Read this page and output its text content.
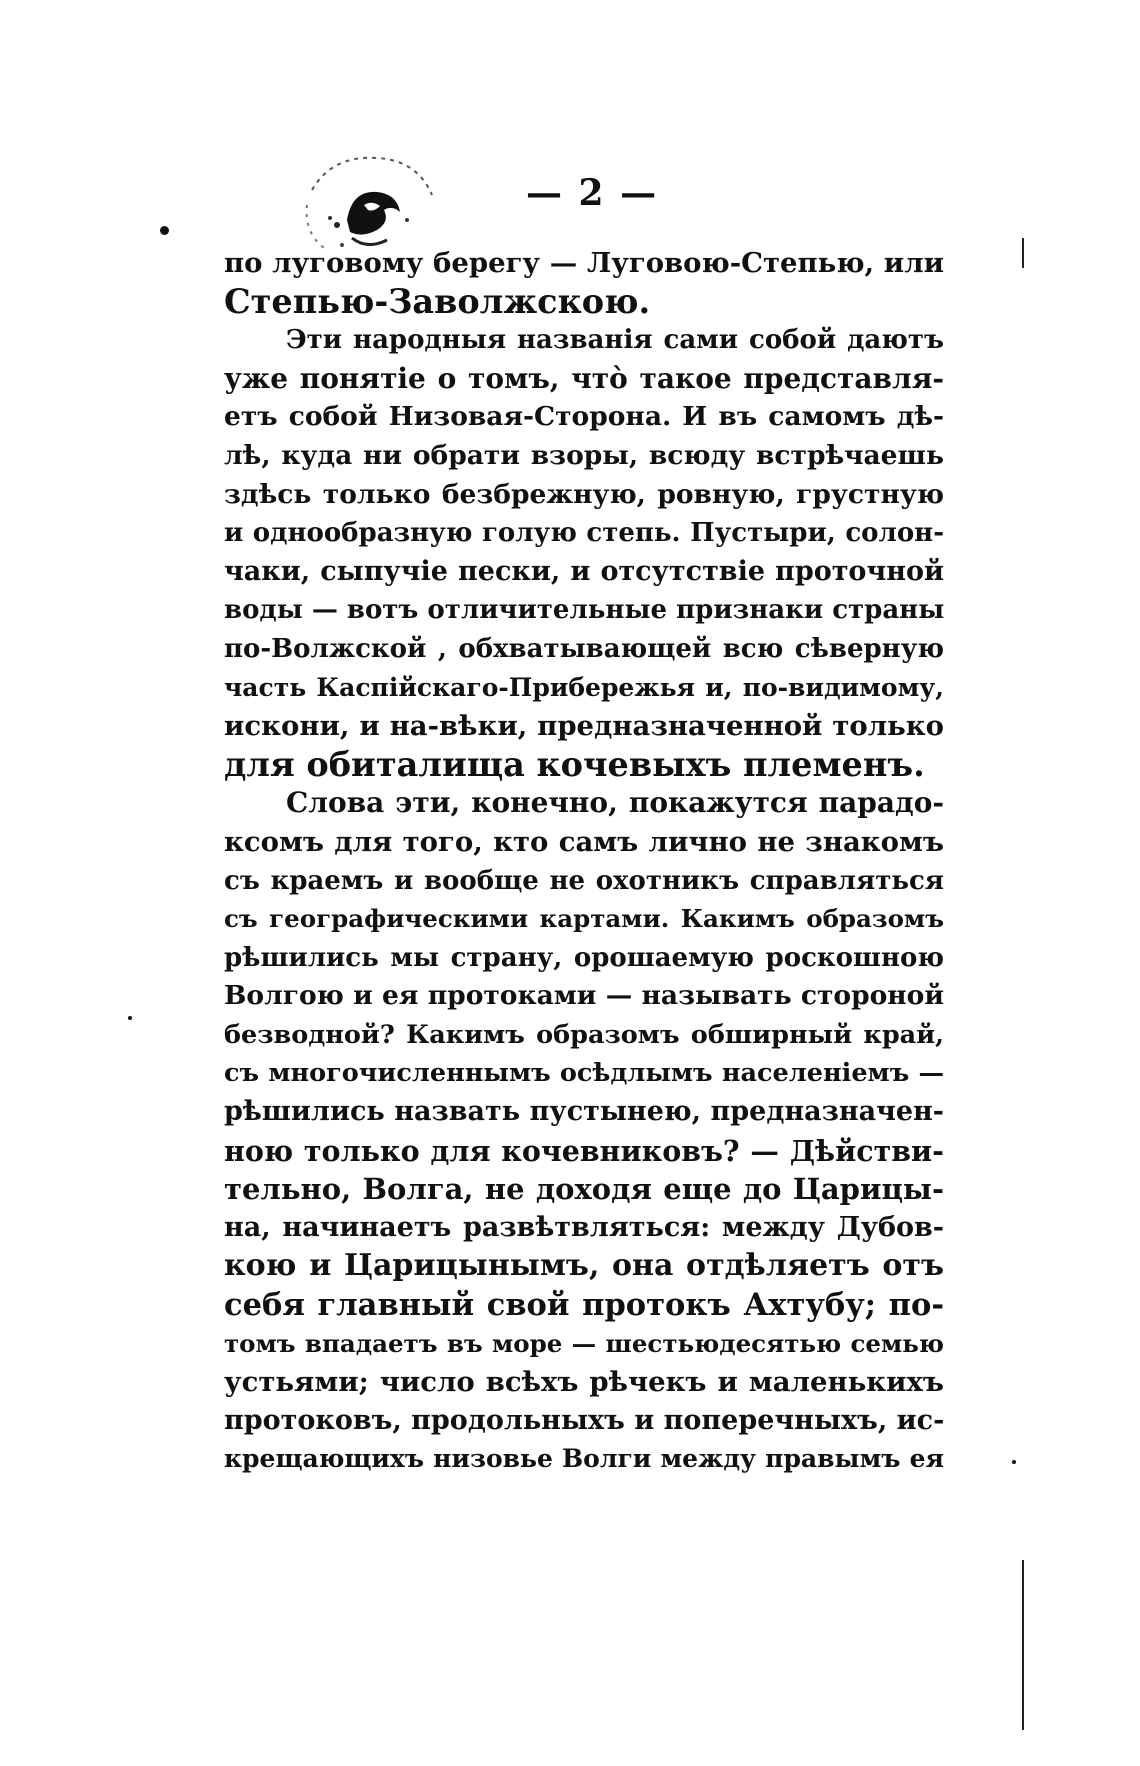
— 2 —
по луговому берегу — Луговою-Степью, или
Степью-Заволжскою.
Эти народныя названія сами собой даютъ
уже понятіе о томъ, что̀ такое представля-
етъ собой Низовая-Сторона. И въ самомъ дѣ-
лѣ, куда ни обрати взоры, всюду встрѣчаешь
здѣсь только безбрежную, ровную, грустную
и однообразную голую степь. Пустыри, солон-
чаки, сыпучіе пески, и отсутствіе проточной
воды — вотъ отличительные признаки страны
по-Волжской , обхватывающей всю сѣверную
часть Каспійскаго-Прибережья и, по-видимому,
искони, и на-вѣки, предназначенной только
для обиталища кочевыхъ племенъ.
Слова эти, конечно, покажутся парадо-
ксомъ для того, кто самъ лично не знакомъ
съ краемъ и вообще не охотникъ справляться
съ географическими картами. Какимъ образомъ
рѣшились мы страну, орошаемую роскошною
Волгою и ея протоками — называть стороной
безводной? Какимъ образомъ обширный край,
съ многочисленнымъ осѣдлымъ населеніемъ —
рѣшились назвать пустынею, предназначен-
ною только для кочевниковъ? — Дѣйстви-
тельно, Волга, не доходя еще до Царицы-
на, начинаетъ развѣтвляться: между Дубов-
кою и Царицынымъ, она отдѣляетъ отъ
себя главный свой протокъ Ахтубу; по-
томъ впадаетъ въ море — шестьюдесятью семью
устьями; число всѣхъ рѣчекъ и маленькихъ
протоковъ, продольныхъ и поперечныхъ, ис-
крещающихъ низовье Волги между правымъ ея
